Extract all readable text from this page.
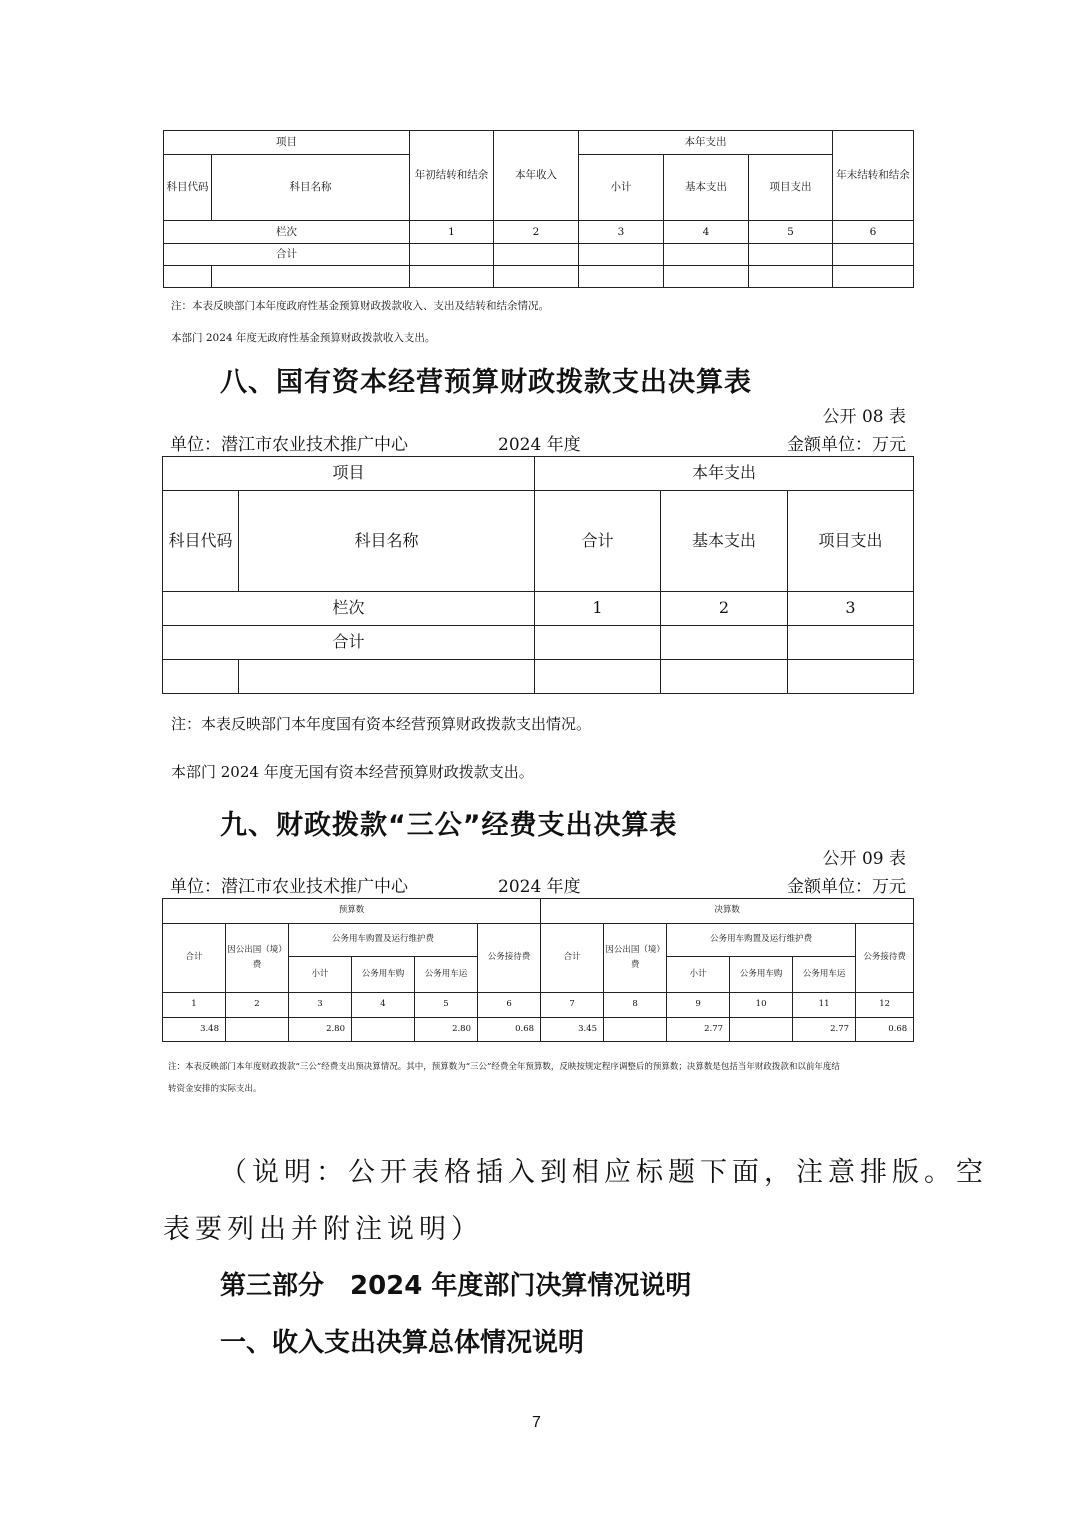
项目		年初结转和结余	本年收入	本年支出			年末结转和结余
科目代码	科目名称			小计	基本支出	项目支出	
栏次		1	2	3	4	5	6
合计							

注：本表反映部门本年度政府性基金预算财政拨款收入、支出及结转和结余情况。
本部门 2024 年度无政府性基金预算财政拨款收入支出。
八、国有资本经营预算财政拨款支出决算表
公开 08 表
单位：潜江市农业技术推广中心	2024 年度	金额单位：万元
项目		本年支出		
科目代码	科目名称	合计	基本支出	项目支出
栏次		1	2	3
合计				

注：本表反映部门本年度国有资本经营预算财政拨款支出情况。
本部门 2024 年度无国有资本经营预算财政拨款支出。
九、财政拨款“三公”经费支出决算表
公开 09 表
单位：潜江市农业技术推广中心	2024 年度	金额单位：万元
预算数						决算数					
合计	因公出国（境）费	公务用车购置及运行维护费			公务接待费	合计	因公出国（境）费	公务用车购置及运行维护费			公务接待费
		小计	公务用车购	公务用车运				小计	公务用车购	公务用车运	
1	2	3	4	5	6	7	8	9	10	11	12
3.48		2.80		2.80	0.68	3.45		2.77		2.77	0.68
注：本表反映部门本年度财政拨款“三公”经费支出预决算情况。其中，预算数为“三公”经费全年预算数，反映按规定程序调整后的预算数；决算数是包括当年财政拨款和以前年度结
转资金安排的实际支出。
（说明：公开表格插入到相应标题下面，注意排版。空
表要列出并附注说明）
第三部分　2024 年度部门决算情况说明
一、收入支出决算总体情况说明
7
